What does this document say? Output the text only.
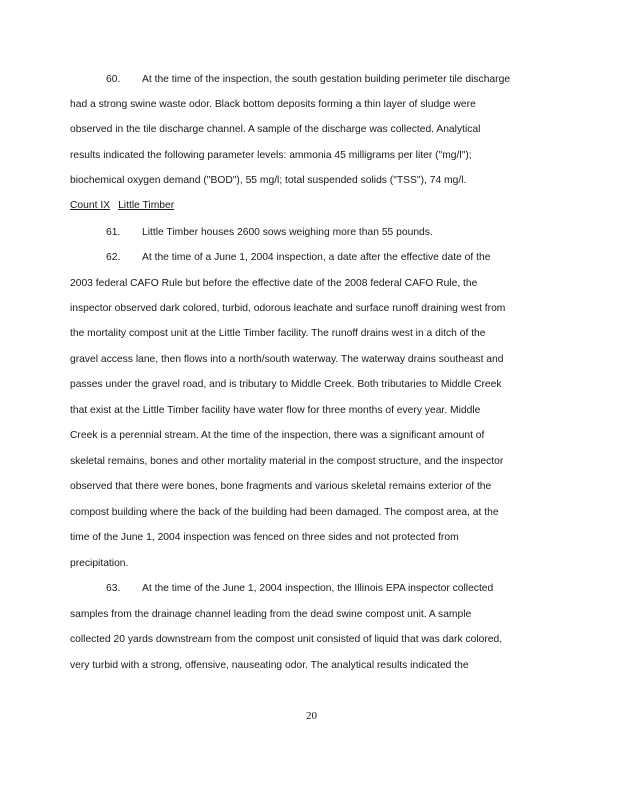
60. At the time of the inspection, the south gestation building perimeter tile discharge
had a strong swine waste odor. Black bottom deposits forming a thin layer of sludge were
observed in the tile discharge channel. A sample of the discharge was collected. Analytical
results indicated the following parameter levels: ammonia 45 milligrams per liter ("mg/l");
biochemical oxygen demand ("BOD"), 55 mg/l; total suspended solids ("TSS"), 74 mg/l.
Count IX Little Timber
61. Little Timber houses 2600 sows weighing more than 55 pounds.
62. At the time of a June 1, 2004 inspection, a date after the effective date of the
2003 federal CAFO Rule but before the effective date of the 2008 federal CAFO Rule, the
inspector observed dark colored, turbid, odorous leachate and surface runoff draining west from
the mortality compost unit at the Little Timber facility. The runoff drains west in a ditch of the
gravel access lane, then flows into a north/south waterway. The waterway drains southeast and
passes under the gravel road, and is tributary to Middle Creek. Both tributaries to Middle Creek
that exist at the Little Timber facility have water flow for three months of every year. Middle
Creek is a perennial stream. At the time of the inspection, there was a significant amount of
skeletal remains, bones and other mortality material in the compost structure, and the inspector
observed that there were bones, bone fragments and various skeletal remains exterior of the
compost building where the back of the building had been damaged. The compost area, at the
time of the June 1, 2004 inspection was fenced on three sides and not protected from
precipitation.
63. At the time of the June 1, 2004 inspection, the Illinois EPA inspector collected
samples from the drainage channel leading from the dead swine compost unit. A sample
collected 20 yards downstream from the compost unit consisted of liquid that was dark colored,
very turbid with a strong, offensive, nauseating odor. The analytical results indicated the
20
